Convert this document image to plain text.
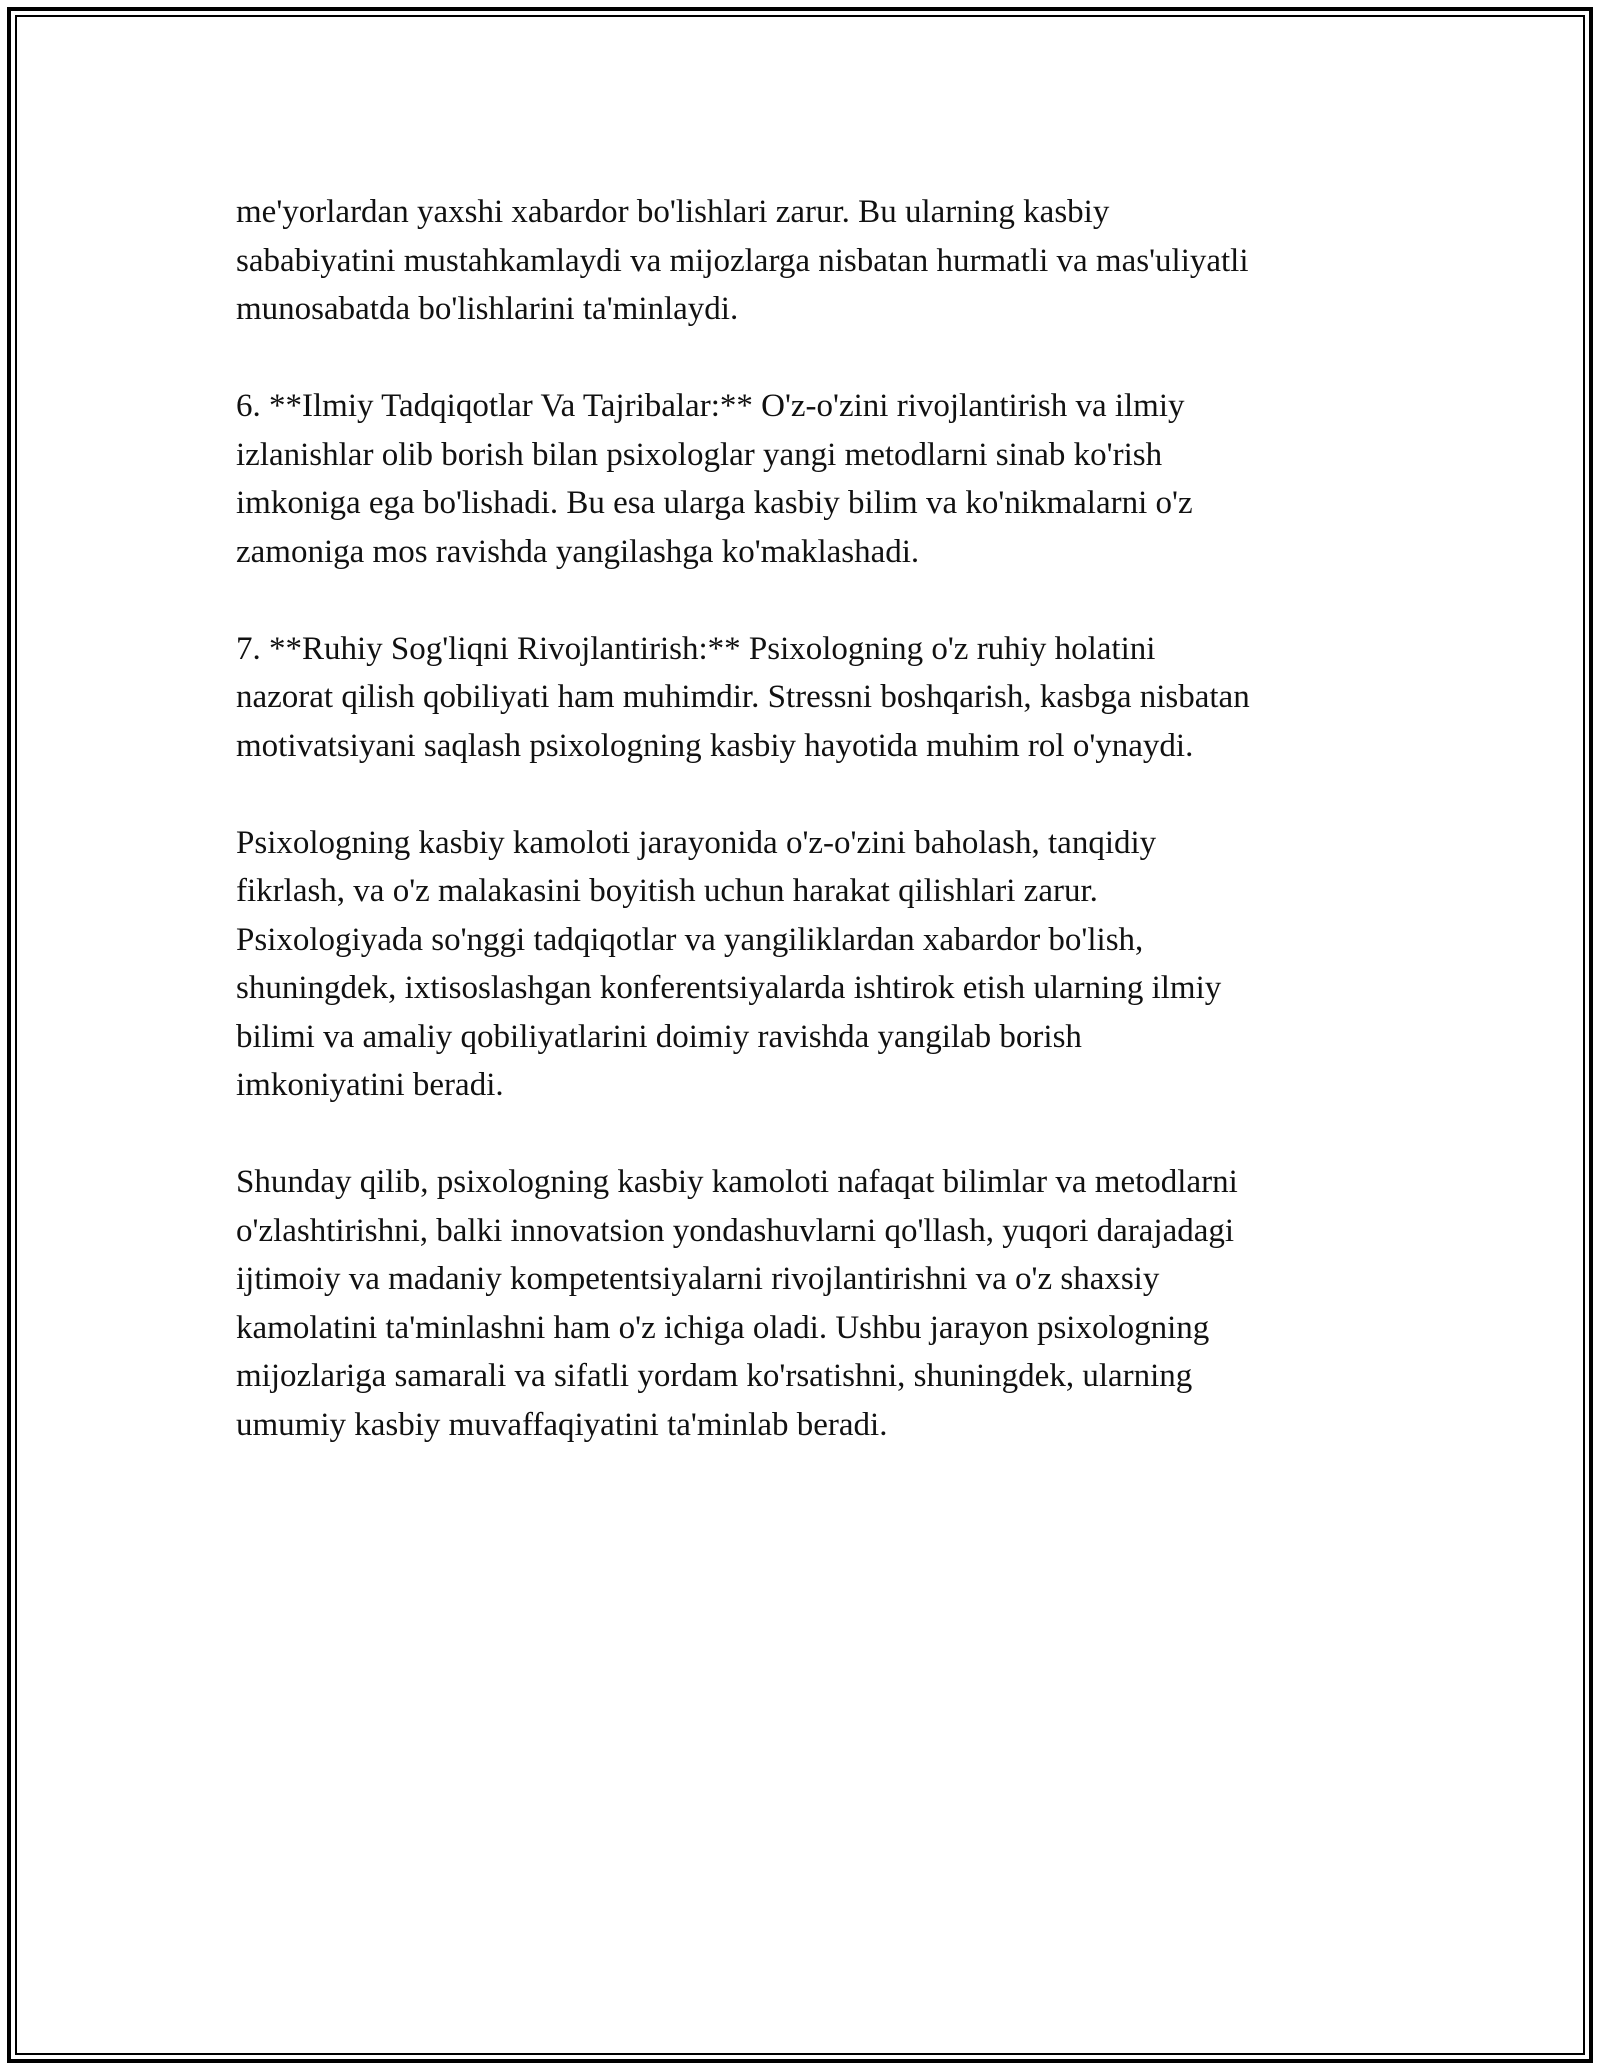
me'yorlardan yaxshi xabardor bo'lishlari zarur. Bu ularning kasbiy
sababiyatini mustahkamlaydi va mijozlarga nisbatan hurmatli va mas'uliyatli
munosabatda bo'lishlarini ta'minlaydi.

6. **Ilmiy Tadqiqotlar Va Tajribalar:** O'z-o'zini rivojlantirish va ilmiy
izlanishlar olib borish bilan psixologlar yangi metodlarni sinab ko'rish
imkoniga ega bo'lishadi. Bu esa ularga kasbiy bilim va ko'nikmalarni o'z
zamoniga mos ravishda yangilashga ko'maklashadi.

7. **Ruhiy Sog'liqni Rivojlantirish:** Psixologning o'z ruhiy holatini
nazorat qilish qobiliyati ham muhimdir. Stressni boshqarish, kasbga nisbatan
motivatsiyani saqlash psixologning kasbiy hayotida muhim rol o'ynaydi.

Psixologning kasbiy kamoloti jarayonida o'z-o'zini baholash, tanqidiy
fikrlash, va o'z malakasini boyitish uchun harakat qilishlari zarur.
Psixologiyada so'nggi tadqiqotlar va yangiliklardan xabardor bo'lish,
shuningdek, ixtisoslashgan konferentsiyalarda ishtirok etish ularning ilmiy
bilimi va amaliy qobiliyatlarini doimiy ravishda yangilab borish
imkoniyatini beradi.

Shunday qilib, psixologning kasbiy kamoloti nafaqat bilimlar va metodlarni
o'zlashtirishni, balki innovatsion yondashuvlarni qo'llash, yuqori darajadagi
ijtimoiy va madaniy kompetentsiyalarni rivojlantirishni va o'z shaxsiy
kamolatini ta'minlashni ham o'z ichiga oladi. Ushbu jarayon psixologning
mijozlariga samarali va sifatli yordam ko'rsatishni, shuningdek, ularning
umumiy kasbiy muvaffaqiyatini ta'minlab beradi.
